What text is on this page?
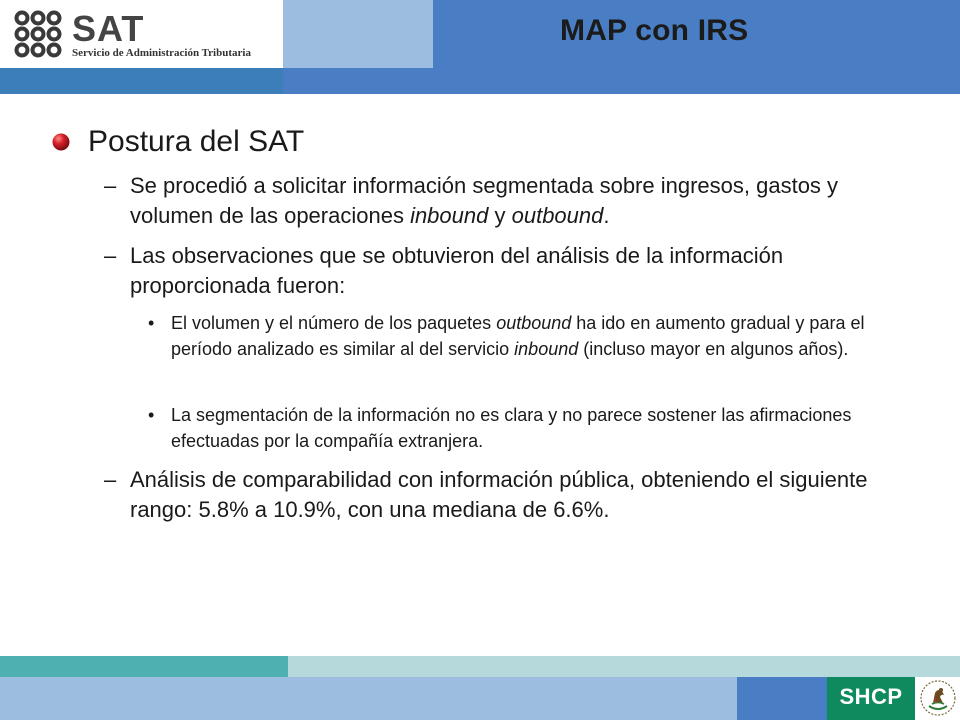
SAT
Servicio de Administración Tributaria
MAP con IRS
Postura del SAT
– Se procedió a solicitar información segmentada sobre ingresos, gastos y volumen de las operaciones inbound y outbound.
– Las observaciones que se obtuvieron del análisis de la información proporcionada fueron:
• El volumen y el número de los paquetes outbound ha ido en aumento gradual y para el período analizado es similar al del servicio inbound (incluso mayor en algunos años).
• La segmentación de la información no es clara y no parece sostener las afirmaciones efectuadas por la compañía extranjera.
– Análisis de comparabilidad con información pública, obteniendo el siguiente rango: 5.8% a 10.9%, con una mediana de 6.6%.
SHCP
